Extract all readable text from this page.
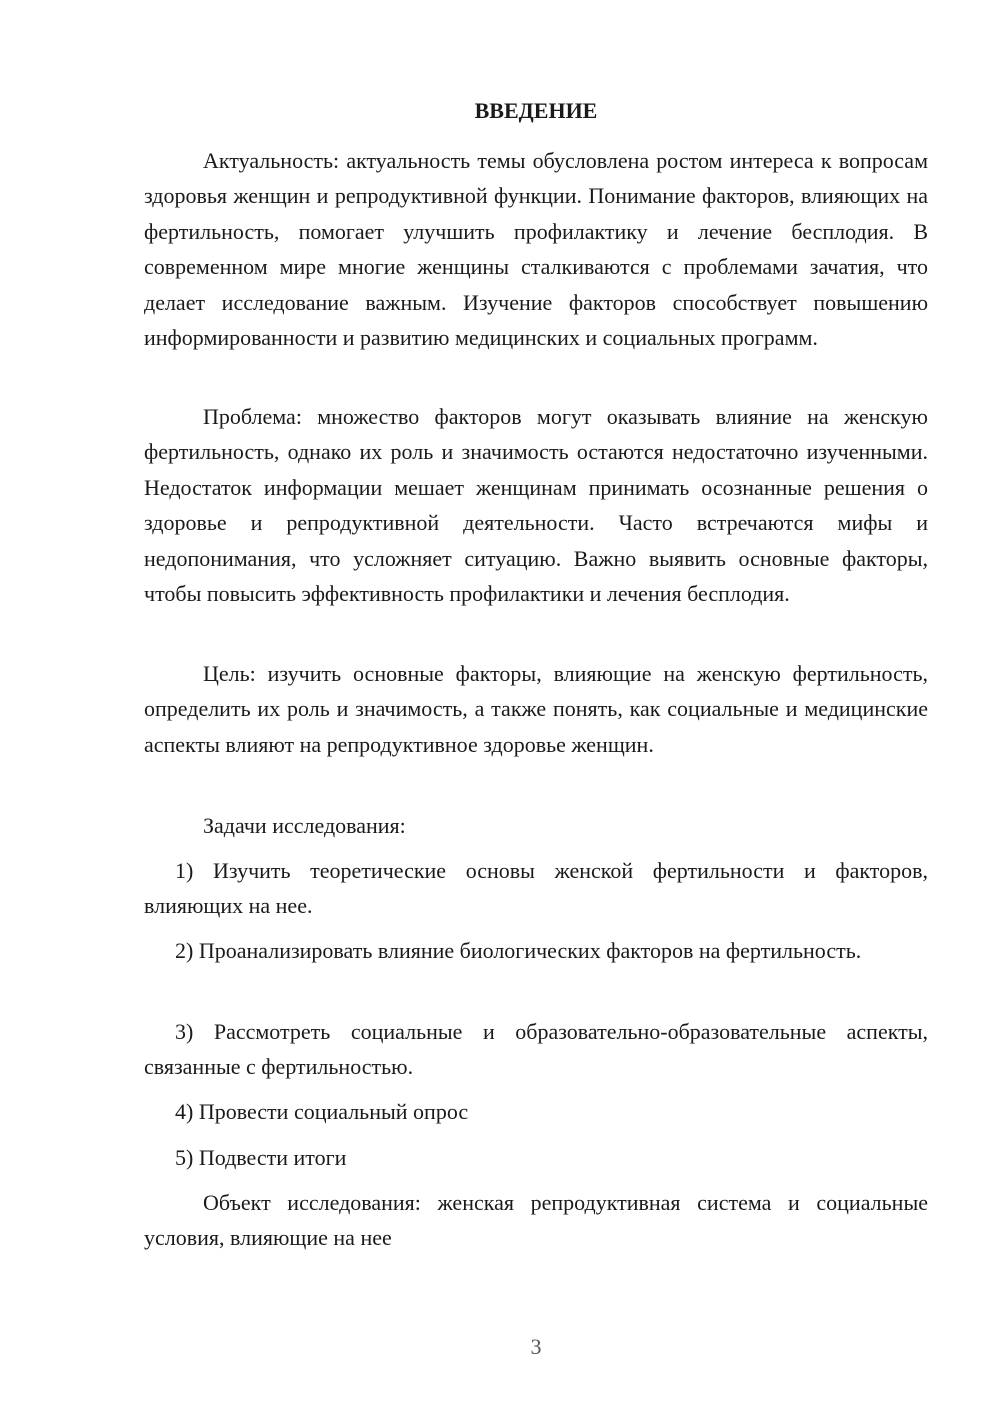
ВВЕДЕНИЕ

Актуальность: актуальность темы обусловлена ростом интереса к вопросам здоровья женщин и репродуктивной функции. Понимание факторов, влияющих на фертильность, помогает улучшить профилактику и лечение бесплодия. В современном мире многие женщины сталкиваются с проблемами зачатия, что делает исследование важным. Изучение факторов способствует повышению информированности и развитию медицинских и социальных программ.

Проблема: множество факторов могут оказывать влияние на женскую фертильность, однако их роль и значимость остаются недостаточно изученными. Недостаток информации мешает женщинам принимать осознанные решения о здоровье и репродуктивной деятельности. Часто встречаются мифы и недопонимания, что усложняет ситуацию. Важно выявить основные факторы, чтобы повысить эффективность профилактики и лечения бесплодия.

Цель: изучить основные факторы, влияющие на женскую фертильность, определить их роль и значимость, а также понять, как социальные и медицинские аспекты влияют на репродуктивное здоровье женщин.

Задачи исследования:

1) Изучить теоретические основы женской фертильности и факторов, влияющих на нее.

2) Проанализировать влияние биологических факторов на фертильность.

3) Рассмотреть социальные и образовательно-образовательные аспекты, связанные с фертильностью.

4) Провести социальный опрос

5) Подвести итоги

Объект исследования: женская репродуктивная система и социальные условия, влияющие на нее

3
